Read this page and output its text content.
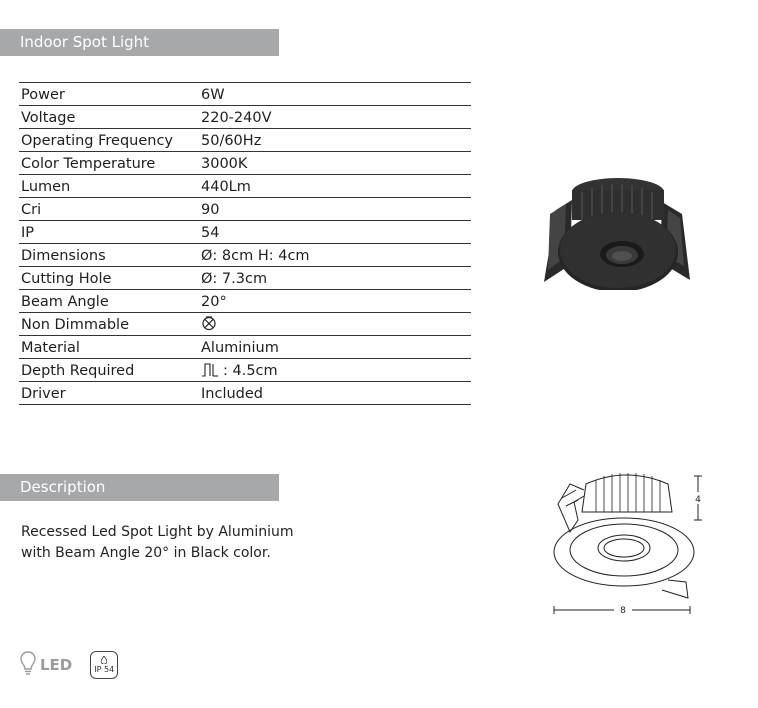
Indoor Spot Light
Power	6W
Voltage	220-240V
Operating Frequency	50/60Hz
Color Temperature	3000K
Lumen	440Lm
Cri	90
IP	54
Dimensions	Ø: 8cm H: 4cm
Cutting Hole	Ø: 7.3cm
Beam Angle	20°
Non Dimmable	
Material	Aluminium
Depth Required	: 4.5cm
Driver	Included
4
8
Description
Recessed Led Spot Light by Aluminium
with Beam Angle 20° in Black color.
LED	IP 54
